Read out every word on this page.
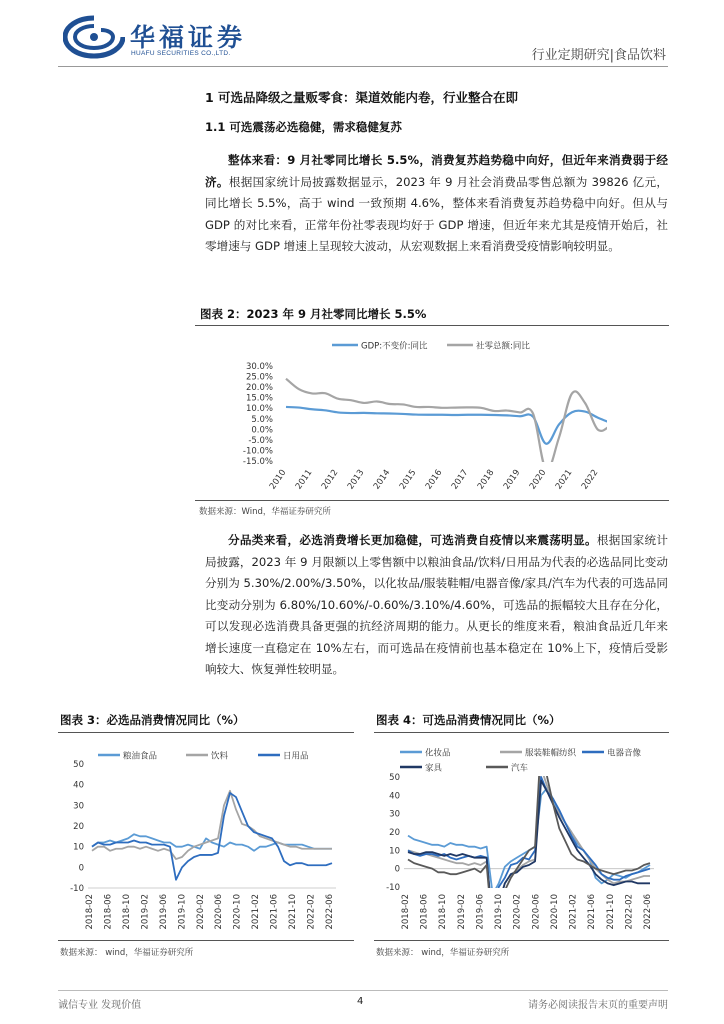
华福证券
HUAFU SECURITIES CO.,LTD.	行业定期研究|食品饮料
1 可选品降级之量贩零食：渠道效能内卷，行业整合在即
1.1 可选震荡必选稳健，需求稳健复苏
整体来看：9 月社零同比增长 5.5%，消费复苏趋势稳中向好，但近年来消费弱于经济。根据国家统计局披露数据显示，2023 年 9 月社会消费品零售总额为 39826 亿元，同比增长 5.5%，高于 wind 一致预期 4.6%，整体来看消费复苏趋势稳中向好。但从与 GDP 的对比来看，正常年份社零表现均好于 GDP 增速，但近年来尤其是疫情开始后，社零增速与 GDP 增速上呈现较大波动，从宏观数据上来看消费受疫情影响较明显。
图表 2：2023 年 9 月社零同比增长 5.5%
GDP:不变价:同比	社零总额:同比
30.0%
25.0%
20.0%
15.0%
10.0%
5.0%
0.0%
-5.0%
-10.0%
-15.0%
2010 2011 2012 2013 2014 2015 2016 2017 2018 2019 2020 2021 2022
数据来源：Wind，华福证券研究所
分品类来看，必选消费增长更加稳健，可选消费自疫情以来震荡明显。根据国家统计局披露，2023 年 9 月限额以上零售额中以粮油食品/饮料/日用品为代表的必选品同比变动分别为 5.30%/2.00%/3.50%，以化妆品/服装鞋帽/电器音像/家具/汽车为代表的可选品同比变动分别为 6.80%/10.60%/-0.60%/3.10%/4.60%，可选品的振幅较大且存在分化，可以发现必选消费具备更强的抗经济周期的能力。从更长的维度来看，粮油食品近几年来增长速度一直稳定在 10%左右，而可选品在疫情前也基本稳定在 10%上下，疫情后受影响较大、恢复弹性较明显。
图表 3：必选品消费情况同比（%）
粮油食品	饮料	日用品
50
40
30
20
10
0
-10
2018-02 2018-06 2018-10 2019-02 2019-06 2019-10 2020-02 2020-06 2020-10 2021-02 2021-06 2021-10 2022-02 2022-06
数据来源： wind，华福证券研究所
图表 4：可选品消费情况同比（%）
化妆品	服装鞋帽纺织	电器音像
家具	汽车
50
40
30
20
10
0
-10
2018-02 2018-06 2018-10 2019-02 2019-06 2019-10 2020-02 2020-06 2020-10 2021-02 2021-06 2021-10 2022-02 2022-06
数据来源： wind，华福证券研究所
诚信专业 发现价值	4	请务必阅读报告末页的重要声明
